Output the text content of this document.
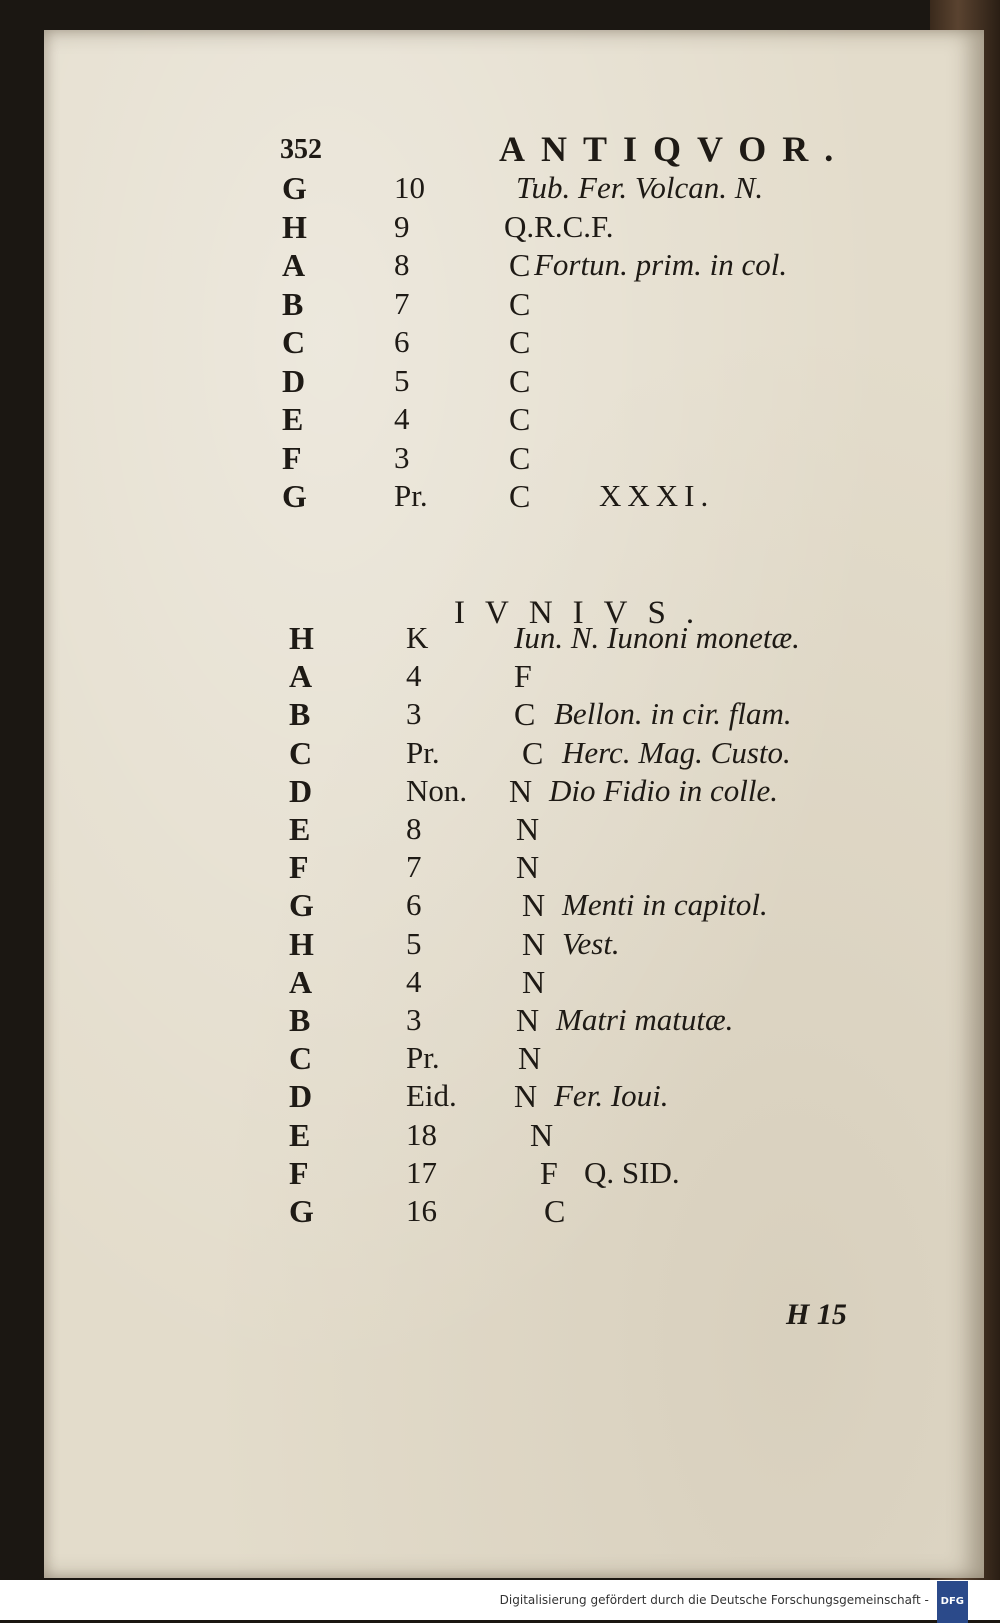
352	ANTIQVOR.
G	10	Tub. Fer. Volcan. N.
H	9	Q.R.C.F.
A	8	C Fortun. prim. in col.
B	7	C
C	6	C
D	5	C
E	4	C
F	3	C
G	Pr.	C XXXI.
IVNIVS.
H	K	Iun. N. Iunoni monetæ.
A	4	F
B	3	C Bellon. in cir. flam.
C	Pr.	C Herc. Mag. Custo.
D	Non. N Dio Fidio in colle.
E	8	N
F	7	N
G	6	N Menti in capitol.
H	5	N Vest.
A	4	N
B	3	N Matri matutæ.
C	Pr. N
D	Eid. N Fer. Ioui.
E	18	N
F	17	F Q. SID.
G	16	C
H 15
Digitalisierung gefördert durch die Deutsche Forschungsgemeinschaft - DFG
